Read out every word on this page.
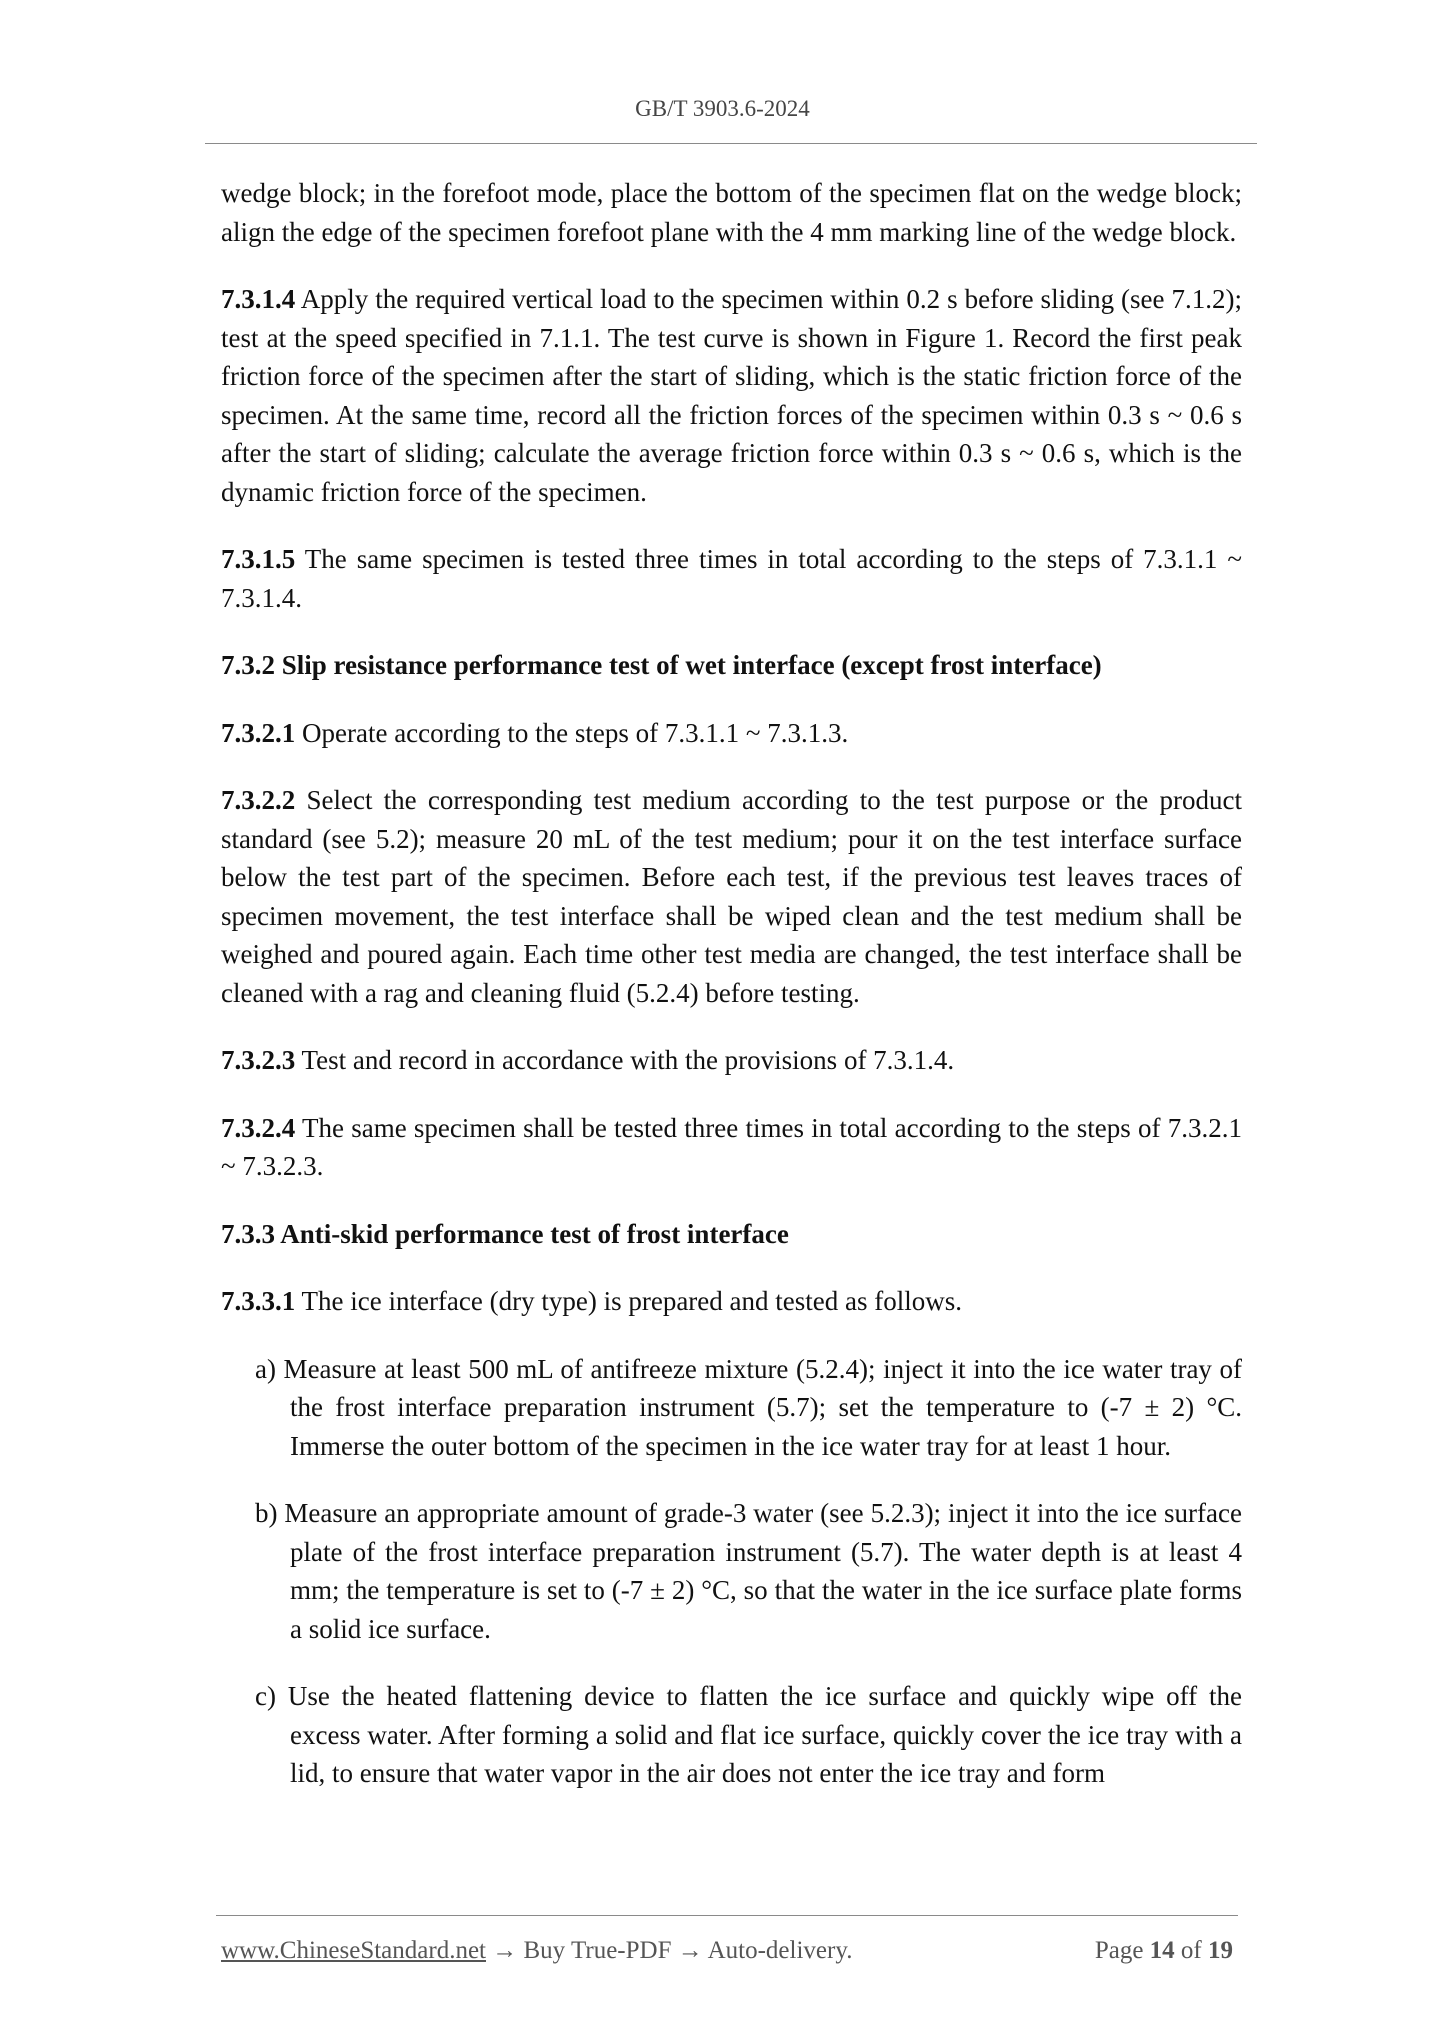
GB/T 3903.6-2024

wedge block; in the forefoot mode, place the bottom of the specimen flat on the wedge block; align the edge of the specimen forefoot plane with the 4 mm marking line of the wedge block.

7.3.1.4 Apply the required vertical load to the specimen within 0.2 s before sliding (see 7.1.2); test at the speed specified in 7.1.1. The test curve is shown in Figure 1. Record the first peak friction force of the specimen after the start of sliding, which is the static friction force of the specimen. At the same time, record all the friction forces of the specimen within 0.3 s ~ 0.6 s after the start of sliding; calculate the average friction force within 0.3 s ~ 0.6 s, which is the dynamic friction force of the specimen.

7.3.1.5 The same specimen is tested three times in total according to the steps of 7.3.1.1 ~ 7.3.1.4.

7.3.2 Slip resistance performance test of wet interface (except frost interface)

7.3.2.1 Operate according to the steps of 7.3.1.1 ~ 7.3.1.3.

7.3.2.2 Select the corresponding test medium according to the test purpose or the product standard (see 5.2); measure 20 mL of the test medium; pour it on the test interface surface below the test part of the specimen. Before each test, if the previous test leaves traces of specimen movement, the test interface shall be wiped clean and the test medium shall be weighed and poured again. Each time other test media are changed, the test interface shall be cleaned with a rag and cleaning fluid (5.2.4) before testing.

7.3.2.3 Test and record in accordance with the provisions of 7.3.1.4.

7.3.2.4 The same specimen shall be tested three times in total according to the steps of 7.3.2.1 ~ 7.3.2.3.

7.3.3 Anti-skid performance test of frost interface

7.3.3.1 The ice interface (dry type) is prepared and tested as follows.

a) Measure at least 500 mL of antifreeze mixture (5.2.4); inject it into the ice water tray of the frost interface preparation instrument (5.7); set the temperature to (-7 ± 2) °C. Immerse the outer bottom of the specimen in the ice water tray for at least 1 hour.

b) Measure an appropriate amount of grade-3 water (see 5.2.3); inject it into the ice surface plate of the frost interface preparation instrument (5.7). The water depth is at least 4 mm; the temperature is set to (-7 ± 2) °C, so that the water in the ice surface plate forms a solid ice surface.

c) Use the heated flattening device to flatten the ice surface and quickly wipe off the excess water. After forming a solid and flat ice surface, quickly cover the ice tray with a lid, to ensure that water vapor in the air does not enter the ice tray and form

www.ChineseStandard.net → Buy True-PDF → Auto-delivery.	Page 14 of 19
